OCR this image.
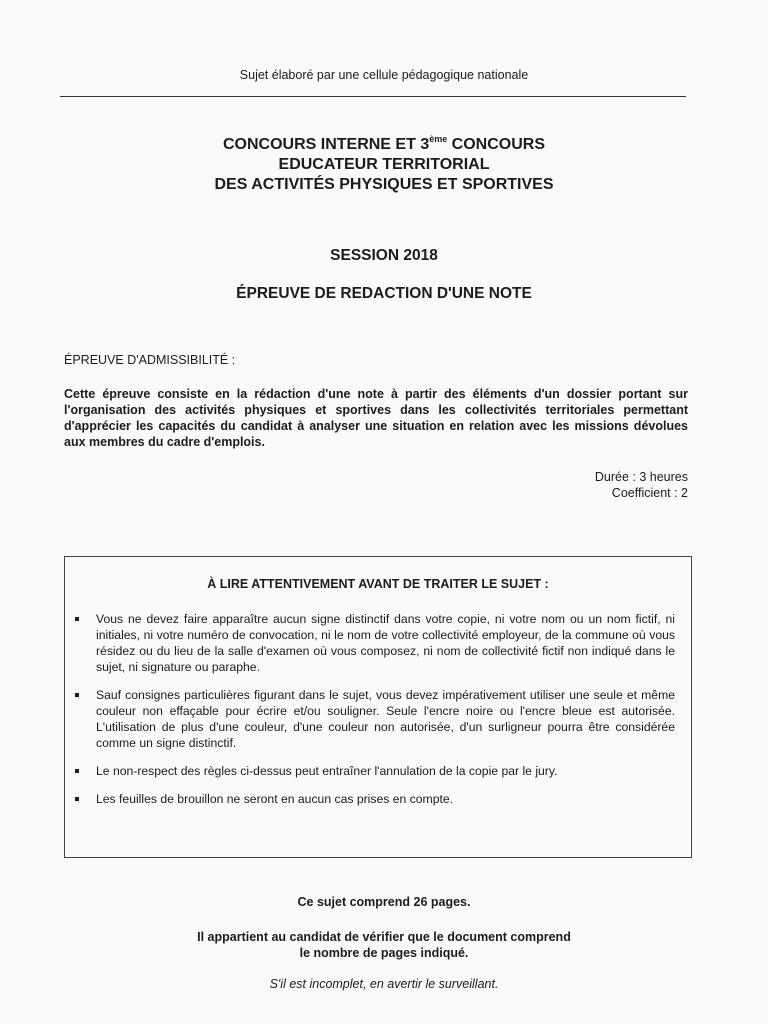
Sujet élaboré par une cellule pédagogique nationale
CONCOURS INTERNE ET 3ème CONCOURS
EDUCATEUR TERRITORIAL
DES ACTIVITÉS PHYSIQUES ET SPORTIVES
SESSION 2018
ÉPREUVE DE REDACTION D'UNE NOTE
ÉPREUVE D'ADMISSIBILITÉ :
Cette épreuve consiste en la rédaction d'une note à partir des éléments d'un dossier portant sur l'organisation des activités physiques et sportives dans les collectivités territoriales permettant d'apprécier les capacités du candidat à analyser une situation en relation avec les missions dévolues aux membres du cadre d'emplois.
Durée : 3 heures
Coefficient : 2
À LIRE ATTENTIVEMENT AVANT DE TRAITER LE SUJET :
Vous ne devez faire apparaître aucun signe distinctif dans votre copie, ni votre nom ou un nom fictif, ni initiales, ni votre numéro de convocation, ni le nom de votre collectivité employeur, de la commune où vous résidez ou du lieu de la salle d'examen où vous composez, ni nom de collectivité fictif non indiqué dans le sujet, ni signature ou paraphe.
Sauf consignes particulières figurant dans le sujet, vous devez impérativement utiliser une seule et même couleur non effaçable pour écrire et/ou souligner. Seule l'encre noire ou l'encre bleue est autorisée. L'utilisation de plus d'une couleur, d'une couleur non autorisée, d'un surligneur pourra être considérée comme un signe distinctif.
Le non-respect des règles ci-dessus peut entraîner l'annulation de la copie par le jury.
Les feuilles de brouillon ne seront en aucun cas prises en compte.
Ce sujet comprend 26 pages.
Il appartient au candidat de vérifier que le document comprend
le nombre de pages indiqué.
S'il est incomplet, en avertir le surveillant.
